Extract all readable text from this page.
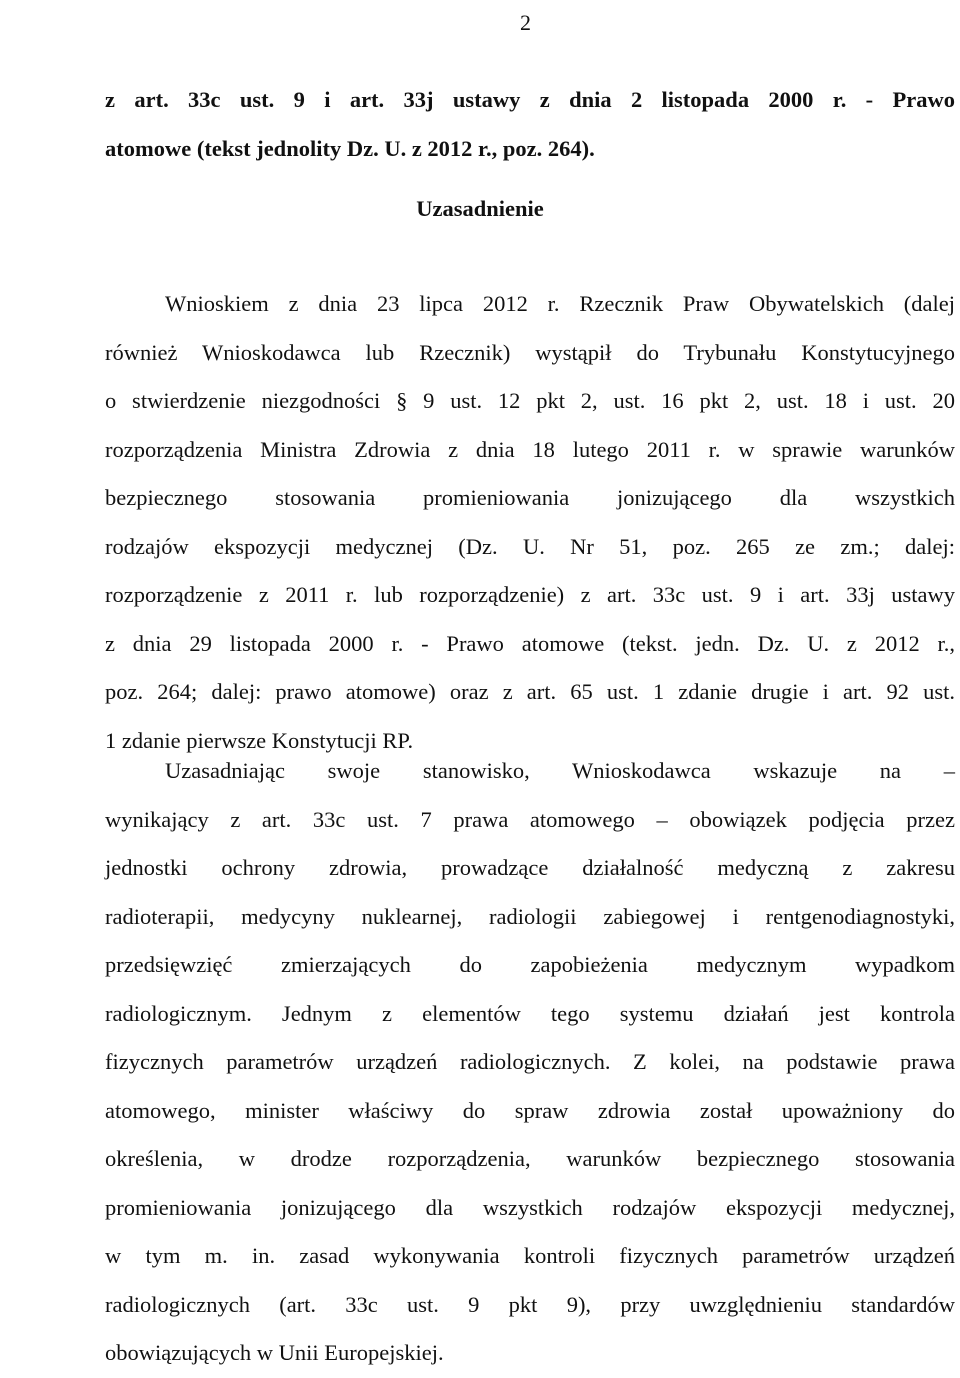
2
z art. 33c ust. 9 i art. 33j ustawy z dnia 2 listopada 2000 r. - Prawo
atomowe (tekst jednolity Dz. U. z 2012 r., poz. 264).
Uzasadnienie
Wnioskiem z dnia 23 lipca 2012 r. Rzecznik Praw Obywatelskich (dalej
również Wnioskodawca lub Rzecznik) wystąpił do Trybunału Konstytucyjnego
o stwierdzenie niezgodności § 9 ust. 12 pkt 2, ust. 16 pkt 2, ust. 18 i ust. 20
rozporządzenia Ministra Zdrowia z dnia 18 lutego 2011 r. w sprawie warunków
bezpiecznego stosowania promieniowania jonizującego dla wszystkich
rodzajów ekspozycji medycznej (Dz. U. Nr 51, poz. 265 ze zm.; dalej:
rozporządzenie z 2011 r. lub rozporządzenie) z art. 33c ust. 9 i art. 33j ustawy
z dnia 29 listopada 2000 r. - Prawo atomowe (tekst. jedn. Dz. U. z 2012 r.,
poz. 264; dalej: prawo atomowe) oraz z art. 65 ust. 1 zdanie drugie i art. 92 ust.
1 zdanie pierwsze Konstytucji RP.
Uzasadniając swoje stanowisko, Wnioskodawca wskazuje na –
wynikający z art. 33c ust. 7 prawa atomowego – obowiązek podjęcia przez
jednostki ochrony zdrowia, prowadzące działalność medyczną z zakresu
radioterapii, medycyny nuklearnej, radiologii zabiegowej i rentgenodiagnostyki,
przedsięwzięć zmierzających do zapobieżenia medycznym wypadkom
radiologicznym. Jednym z elementów tego systemu działań jest kontrola
fizycznych parametrów urządzeń radiologicznych. Z kolei, na podstawie prawa
atomowego, minister właściwy do spraw zdrowia został upoważniony do
określenia, w drodze rozporządzenia, warunków bezpiecznego stosowania
promieniowania jonizującego dla wszystkich rodzajów ekspozycji medycznej,
w tym m. in. zasad wykonywania kontroli fizycznych parametrów urządzeń
radiologicznych (art. 33c ust. 9 pkt 9), przy uwzględnieniu standardów
obowiązujących w Unii Europejskiej.
